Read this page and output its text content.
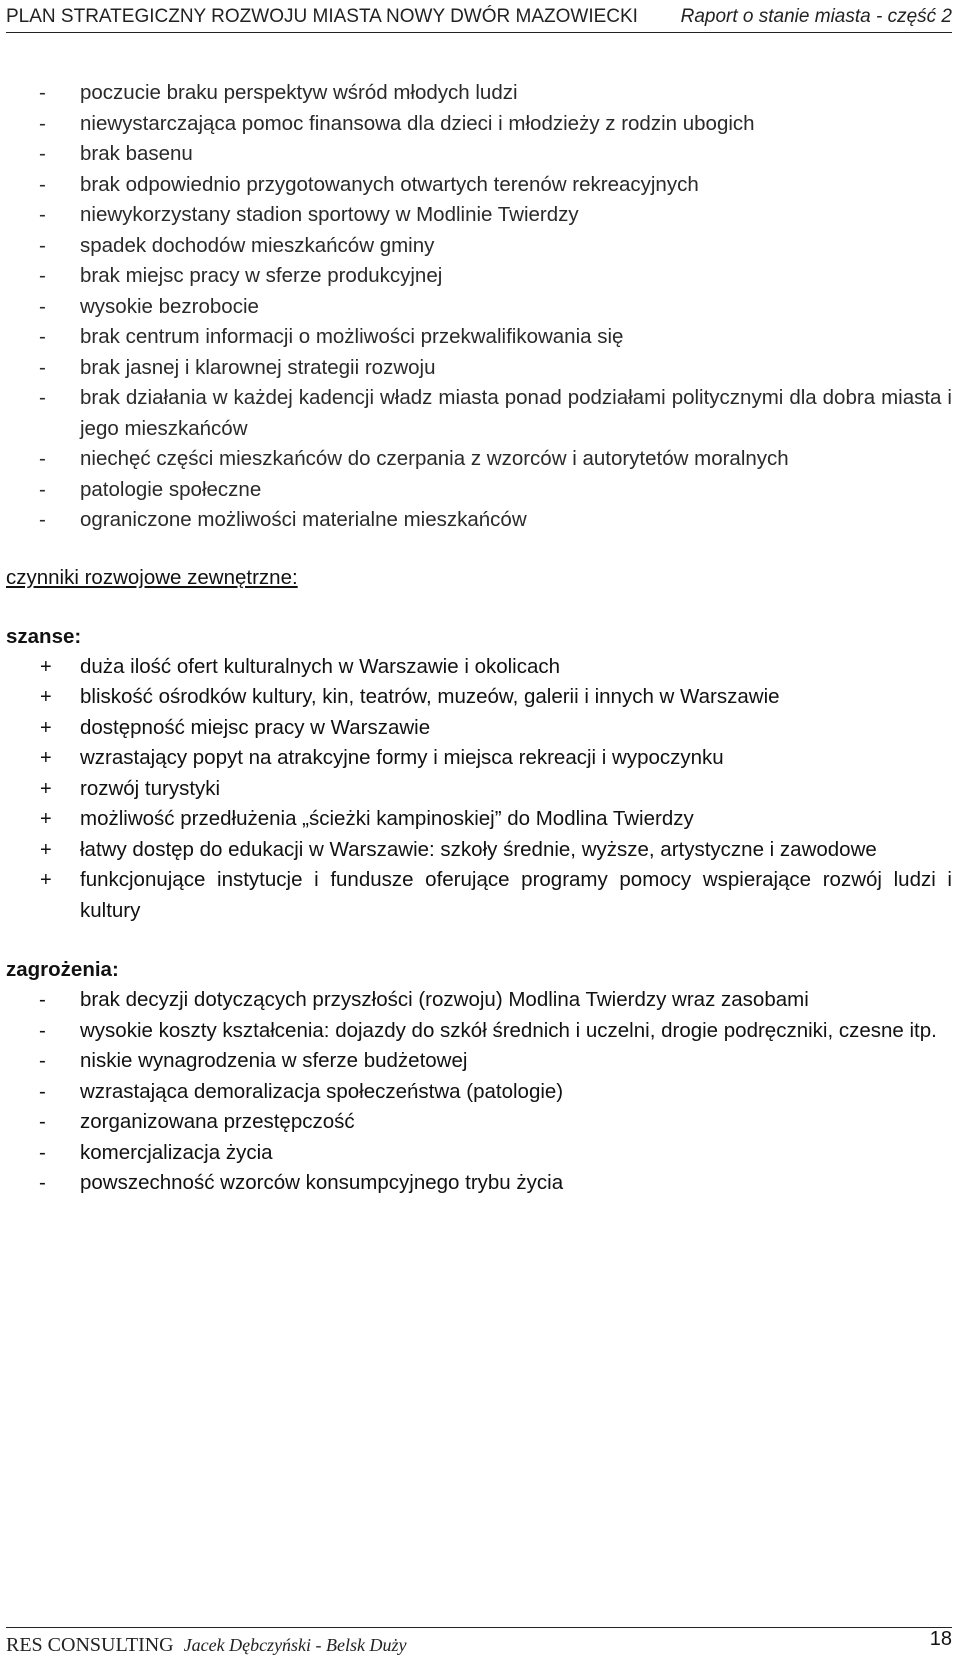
PLAN STRATEGICZNY ROZWOJU MIASTA NOWY DWÓR MAZOWIECKI Raport o stanie miasta - część 2
- poczucie braku perspektyw wśród młodych ludzi
- niewystarczająca pomoc finansowa dla dzieci i młodzieży z rodzin ubogich
- brak basenu
- brak odpowiednio przygotowanych otwartych terenów rekreacyjnych
- niewykorzystany stadion sportowy w Modlinie Twierdzy
- spadek dochodów mieszkańców gminy
- brak miejsc pracy w sferze produkcyjnej
- wysokie bezrobocie
- brak centrum informacji o możliwości przekwalifikowania się
- brak jasnej i klarownej strategii rozwoju
- brak działania w każdej kadencji władz miasta ponad podziałami politycznymi dla dobra miasta i jego mieszkańców
- niechęć części mieszkańców do czerpania z wzorców i autorytetów moralnych
- patologie społeczne
- ograniczone możliwości materialne mieszkańców
czynniki rozwojowe zewnętrzne:
szanse:
+ duża ilość ofert kulturalnych w Warszawie i okolicach
+ bliskość ośrodków kultury, kin, teatrów, muzeów, galerii i innych w Warszawie
+ dostępność miejsc pracy w Warszawie
+ wzrastający popyt na atrakcyjne formy i miejsca rekreacji i wypoczynku
+ rozwój turystyki
+ możliwość przedłużenia „ścieżki kampinoskiej” do Modlina Twierdzy
+ łatwy dostęp do edukacji w Warszawie: szkoły średnie, wyższe, artystyczne i zawodowe
+ funkcjonujące instytucje i fundusze oferujące programy pomocy wspierające rozwój ludzi i kultury
zagrożenia:
- brak decyzji dotyczących przyszłości (rozwoju) Modlina Twierdzy wraz zasobami
- wysokie koszty kształcenia: dojazdy do szkół średnich i uczelni, drogie podręczniki, czesne itp.
- niskie wynagrodzenia w sferze budżetowej
- wzrastająca demoralizacja społeczeństwa (patologie)
- zorganizowana przestępczość
- komercjalizacja życia
- powszechność wzorców konsumpcyjnego trybu życia
RES CONSULTING Jacek Dębczyński - Belsk Duży	18
